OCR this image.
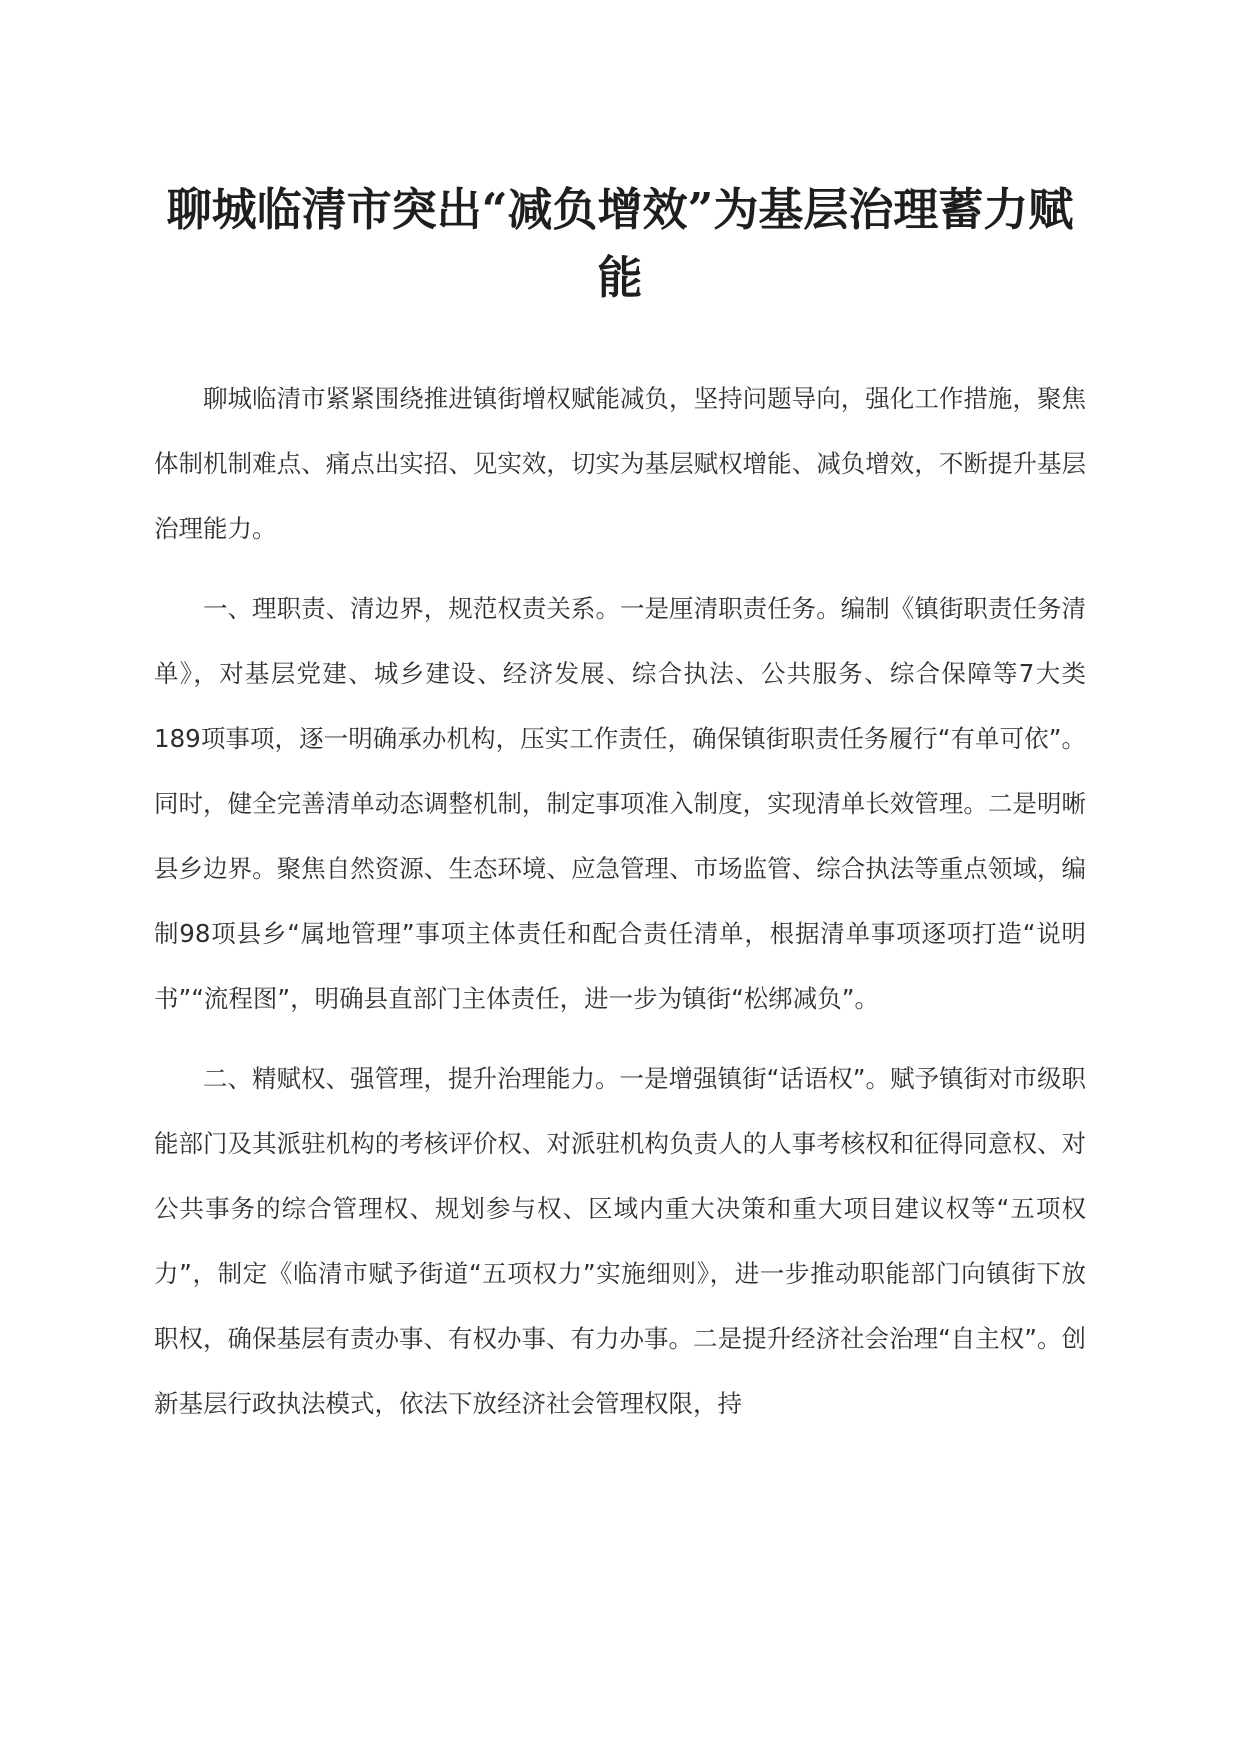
聊城临清市突出“减负增效”为基层治理蓄力赋能

聊城临清市紧紧围绕推进镇街增权赋能减负，坚持问题导向，强化工作措施，聚焦体制机制难点、痛点出实招、见实效，切实为基层赋权增能、减负增效，不断提升基层治理能力。

一、理职责、清边界，规范权责关系。一是厘清职责任务。编制《镇街职责任务清单》，对基层党建、城乡建设、经济发展、综合执法、公共服务、综合保障等7大类189项事项，逐一明确承办机构，压实工作责任，确保镇街职责任务履行“有单可依”。同时，健全完善清单动态调整机制，制定事项准入制度，实现清单长效管理。二是明晰县乡边界。聚焦自然资源、生态环境、应急管理、市场监管、综合执法等重点领域，编制98项县乡“属地管理”事项主体责任和配合责任清单，根据清单事项逐项打造“说明书”“流程图”，明确县直部门主体责任，进一步为镇街“松绑减负”。

二、精赋权、强管理，提升治理能力。一是增强镇街“话语权”。赋予镇街对市级职能部门及其派驻机构的考核评价权、对派驻机构负责人的人事考核权和征得同意权、对公共事务的综合管理权、规划参与权、区域内重大决策和重大项目建议权等“五项权力”，制定《临清市赋予街道“五项权力”实施细则》，进一步推动职能部门向镇街下放职权，确保基层有责办事、有权办事、有力办事。二是提升经济社会治理“自主权”。创新基层行政执法模式，依法下放经济社会管理权限，持
